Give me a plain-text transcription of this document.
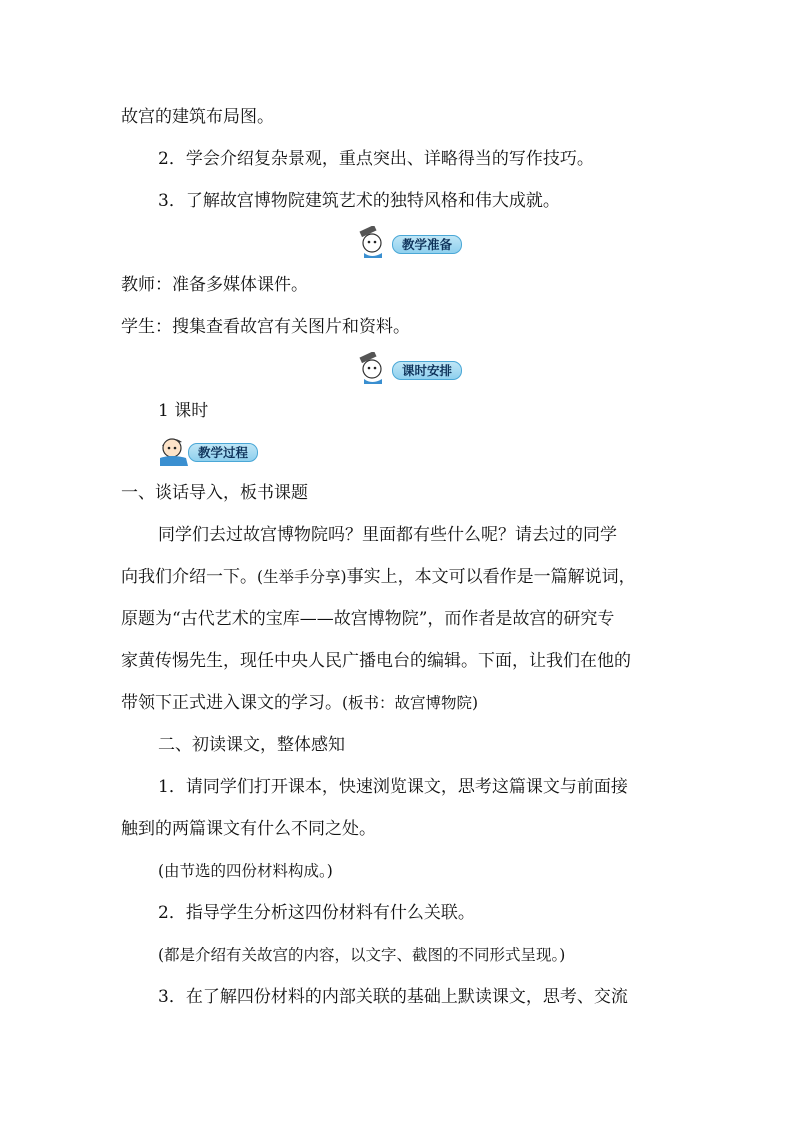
故宫的建筑布局图。
2．学会介绍复杂景观，重点突出、详略得当的写作技巧。
3．了解故宫博物院建筑艺术的独特风格和伟大成就。
教学准备
教师：准备多媒体课件。
学生：搜集查看故宫有关图片和资料。
课时安排
1 课时
教学过程
一、谈话导入，板书课题
同学们去过故宫博物院吗？里面都有些什么呢？请去过的同学
向我们介绍一下。(生举手分享)事实上，本文可以看作是一篇解说词，
原题为“古代艺术的宝库——故宫博物院”，而作者是故宫的研究专
家黄传惕先生，现任中央人民广播电台的编辑。下面，让我们在他的
带领下正式进入课文的学习。(板书：故宫博物院)
二、初读课文，整体感知
1．请同学们打开课本，快速浏览课文，思考这篇课文与前面接
触到的两篇课文有什么不同之处。
(由节选的四份材料构成。)
2．指导学生分析这四份材料有什么关联。
(都是介绍有关故宫的内容，以文字、截图的不同形式呈现。)
3．在了解四份材料的内部关联的基础上默读课文，思考、交流
